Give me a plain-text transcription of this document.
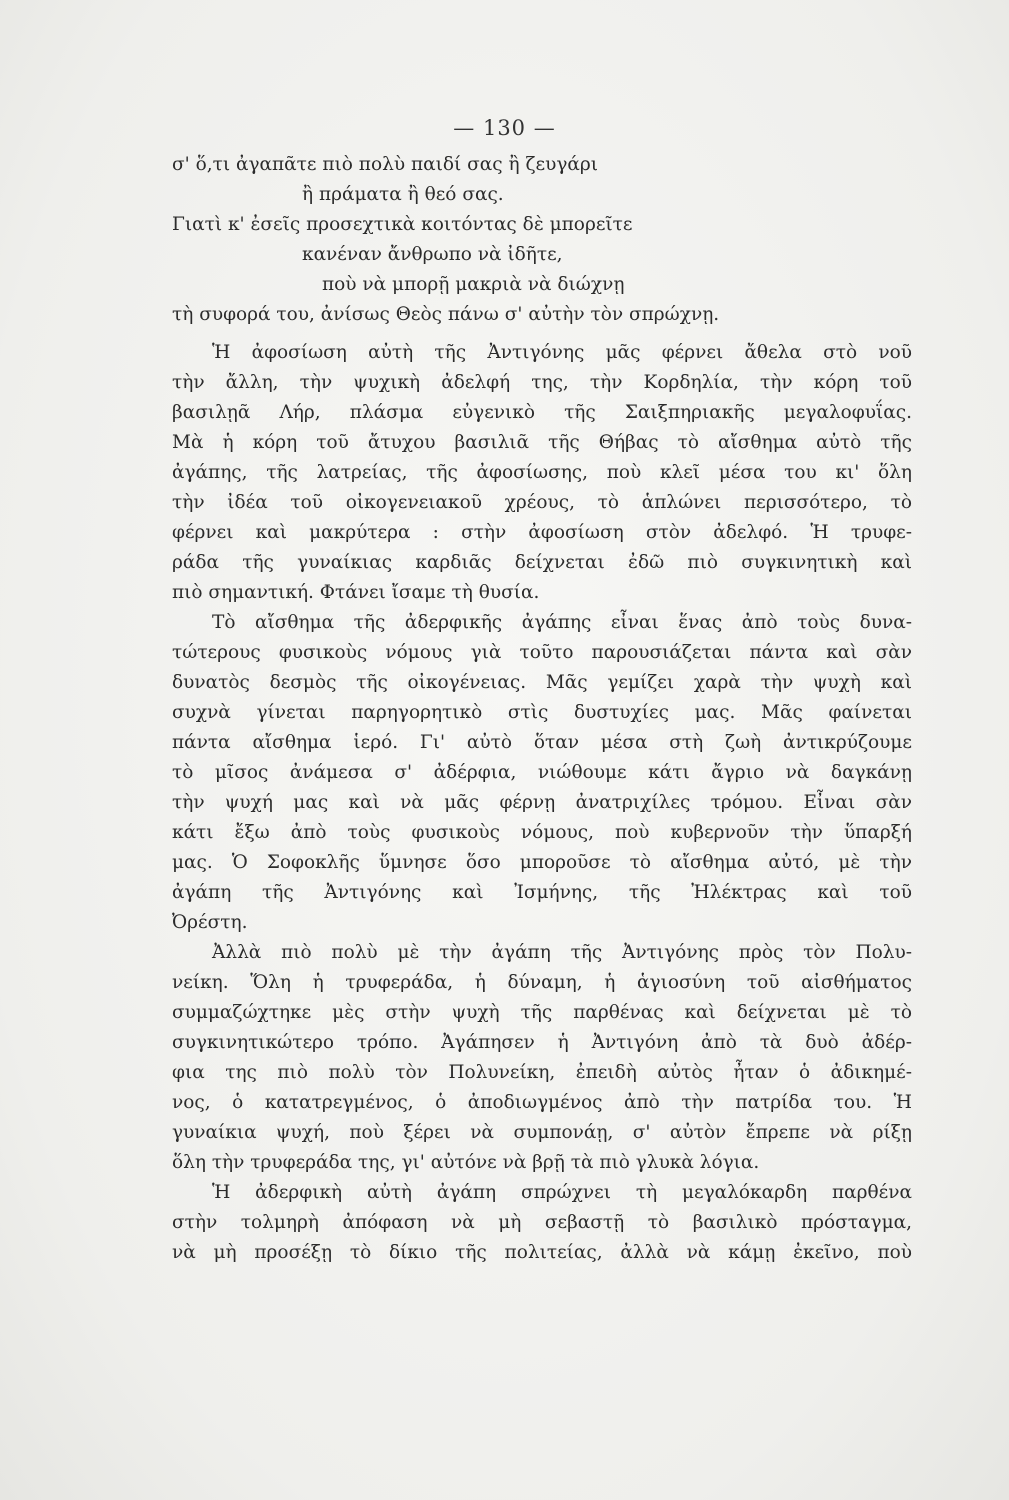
— 130 —
σ' ὅ,τι ἀγαπᾶτε πιὸ πολὺ παιδί σας ἢ ζευγάρι
ἢ πράματα ἢ θεό σας.
Γιατὶ κ' ἐσεῖς προσεχτικὰ κοιτόντας δὲ μπορεῖτε
κανέναν ἄνθρωπο νὰ ἰδῆτε,
ποὺ νὰ μπορῇ μακριὰ νὰ διώχνῃ
τὴ συφορά του, ἀνίσως Θεὸς πάνω σ' αὐτὴν τὸν σπρώχνῃ.
Ἡ ἀφοσίωση αὐτὴ τῆς Ἀντιγόνης μᾶς φέρνει ἄθελα στὸ νοῦ
τὴν ἄλλη, τὴν ψυχικὴ ἀδελφή της, τὴν Κορδηλία, τὴν κόρη τοῦ
βασιλῃᾶ Λήρ, πλάσμα εὐγενικὸ τῆς Σαιξπηριακῆς μεγαλοφυΐας.
Μὰ ἡ κόρη τοῦ ἄτυχου βασιλιᾶ τῆς Θήβας τὸ αἴσθημα αὐτὸ τῆς
ἀγάπης, τῆς λατρείας, τῆς ἀφοσίωσης, ποὺ κλεῖ μέσα του κι' ὅλη
τὴν ἰδέα τοῦ οἰκογενειακοῦ χρέους, τὸ ἁπλώνει περισσότερο, τὸ
φέρνει καὶ μακρύτερα : στὴν ἀφοσίωση στὸν ἀδελφό. Ἡ τρυφε-
ράδα τῆς γυναίκιας καρδιᾶς δείχνεται ἐδῶ πιὸ συγκινητικὴ καὶ
πιὸ σημαντική. Φτάνει ἴσαμε τὴ θυσία.
Τὸ αἴσθημα τῆς ἀδερφικῆς ἀγάπης εἶναι ἕνας ἀπὸ τοὺς δυνα-
τώτερους φυσικοὺς νόμους γιὰ τοῦτο παρουσιάζεται πάντα καὶ σὰν
δυνατὸς δεσμὸς τῆς οἰκογένειας. Μᾶς γεμίζει χαρὰ τὴν ψυχὴ καὶ
συχνὰ γίνεται παρηγορητικὸ στὶς δυστυχίες μας. Μᾶς φαίνεται
πάντα αἴσθημα ἱερό. Γι' αὐτὸ ὅταν μέσα στὴ ζωὴ ἀντικρύζουμε
τὸ μῖσος ἀνάμεσα σ' ἀδέρφια, νιώθουμε κάτι ἄγριο νὰ δαγκάνῃ
τὴν ψυχή μας καὶ νὰ μᾶς φέρνῃ ἀνατριχίλες τρόμου. Εἶναι σὰν
κάτι ἔξω ἀπὸ τοὺς φυσικοὺς νόμους, ποὺ κυβερνοῦν τὴν ὕπαρξή
μας. Ὁ Σοφοκλῆς ὕμνησε ὅσο μποροῦσε τὸ αἴσθημα αὐτό, μὲ τὴν
ἀγάπη τῆς Ἀντιγόνης καὶ Ἰσμήνης, τῆς Ἠλέκτρας καὶ τοῦ
Ὀρέστη.
Ἀλλὰ πιὸ πολὺ μὲ τὴν ἀγάπη τῆς Ἀντιγόνης πρὸς τὸν Πολυ-
νείκη. Ὅλη ἡ τρυφεράδα, ἡ δύναμη, ἡ ἁγιοσύνη τοῦ αἰσθήματος
συμμαζώχτηκε μὲς στὴν ψυχὴ τῆς παρθένας καὶ δείχνεται μὲ τὸ
συγκινητικώτερο τρόπο. Ἀγάπησεν ἡ Ἀντιγόνη ἀπὸ τὰ δυὸ ἀδέρ-
φια της πιὸ πολὺ τὸν Πολυνείκη, ἐπειδὴ αὐτὸς ἦταν ὁ ἀδικημέ-
νος, ὁ κατατρεγμένος, ὁ ἀποδιωγμένος ἀπὸ τὴν πατρίδα του. Ἡ
γυναίκια ψυχή, ποὺ ξέρει νὰ συμπονάῃ, σ' αὐτὸν ἔπρεπε νὰ ρίξῃ
ὅλη τὴν τρυφεράδα της, γι' αὐτόνε νὰ βρῇ τὰ πιὸ γλυκὰ λόγια.
Ἡ ἀδερφικὴ αὐτὴ ἀγάπη σπρώχνει τὴ μεγαλόκαρδη παρθένα
στὴν τολμηρὴ ἀπόφαση νὰ μὴ σεβαστῇ τὸ βασιλικὸ πρόσταγμα,
νὰ μὴ προσέξῃ τὸ δίκιο τῆς πολιτείας, ἀλλὰ νὰ κάμῃ ἐκεῖνο, ποὺ
